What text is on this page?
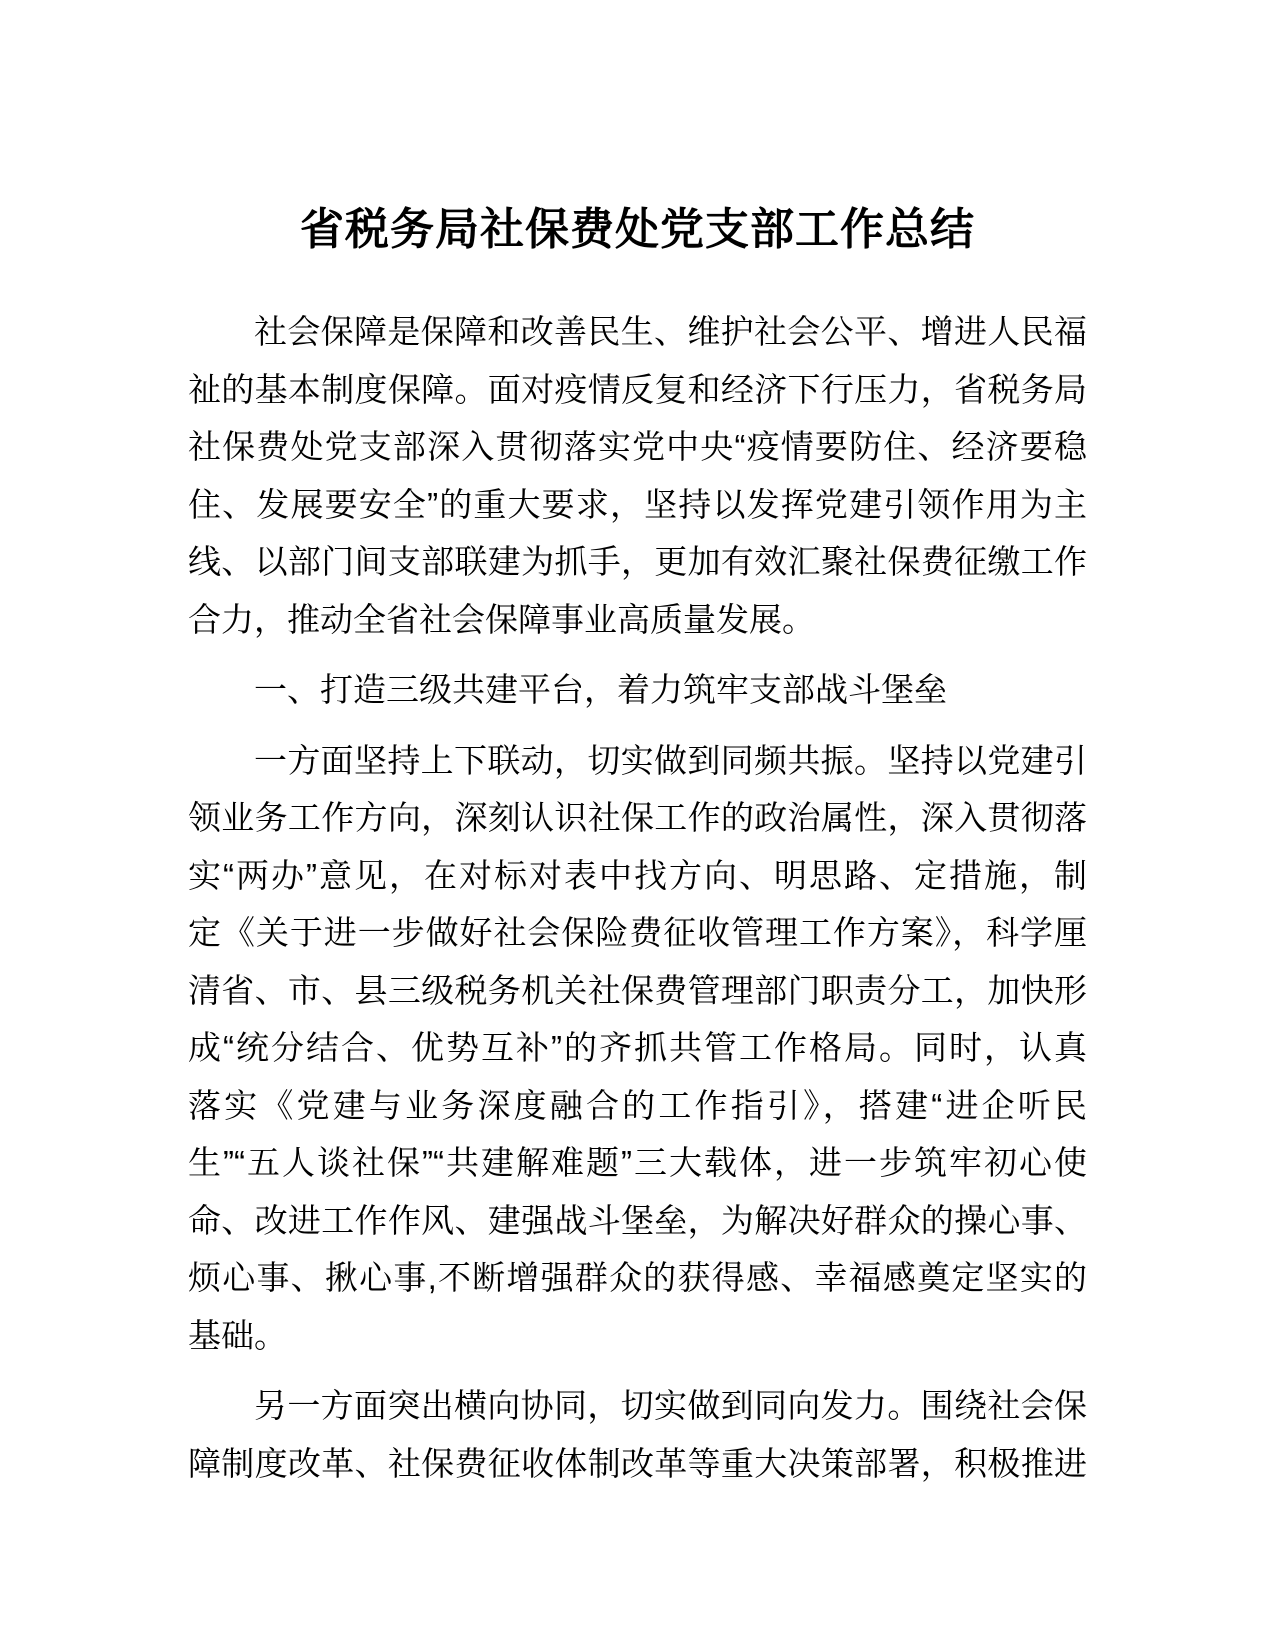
省税务局社保费处党支部工作总结
社会保障是保障和改善民生、维护社会公平、增进人民福
祉的基本制度保障。面对疫情反复和经济下行压力，省税务局
社保费处党支部深入贯彻落实党中央“疫情要防住、经济要稳
住、发展要安全”的重大要求，坚持以发挥党建引领作用为主
线、以部门间支部联建为抓手，更加有效汇聚社保费征缴工作
合力，推动全省社会保障事业高质量发展。
一、打造三级共建平台，着力筑牢支部战斗堡垒
一方面坚持上下联动，切实做到同频共振。坚持以党建引
领业务工作方向，深刻认识社保工作的政治属性，深入贯彻落
实“两办”意见，在对标对表中找方向、明思路、定措施，制
定《关于进一步做好社会保险费征收管理工作方案》，科学厘
清省、市、县三级税务机关社保费管理部门职责分工，加快形
成“统分结合、优势互补”的齐抓共管工作格局。同时，认真
落实《党建与业务深度融合的工作指引》，搭建“进企听民
生”“五人谈社保”“共建解难题”三大载体，进一步筑牢初心使
命、改进工作作风、建强战斗堡垒，为解决好群众的操心事、
烦心事、揪心事,不断增强群众的获得感、幸福感奠定坚实的
基础。
另一方面突出横向协同，切实做到同向发力。围绕社会保
障制度改革、社保费征收体制改革等重大决策部署，积极推进
